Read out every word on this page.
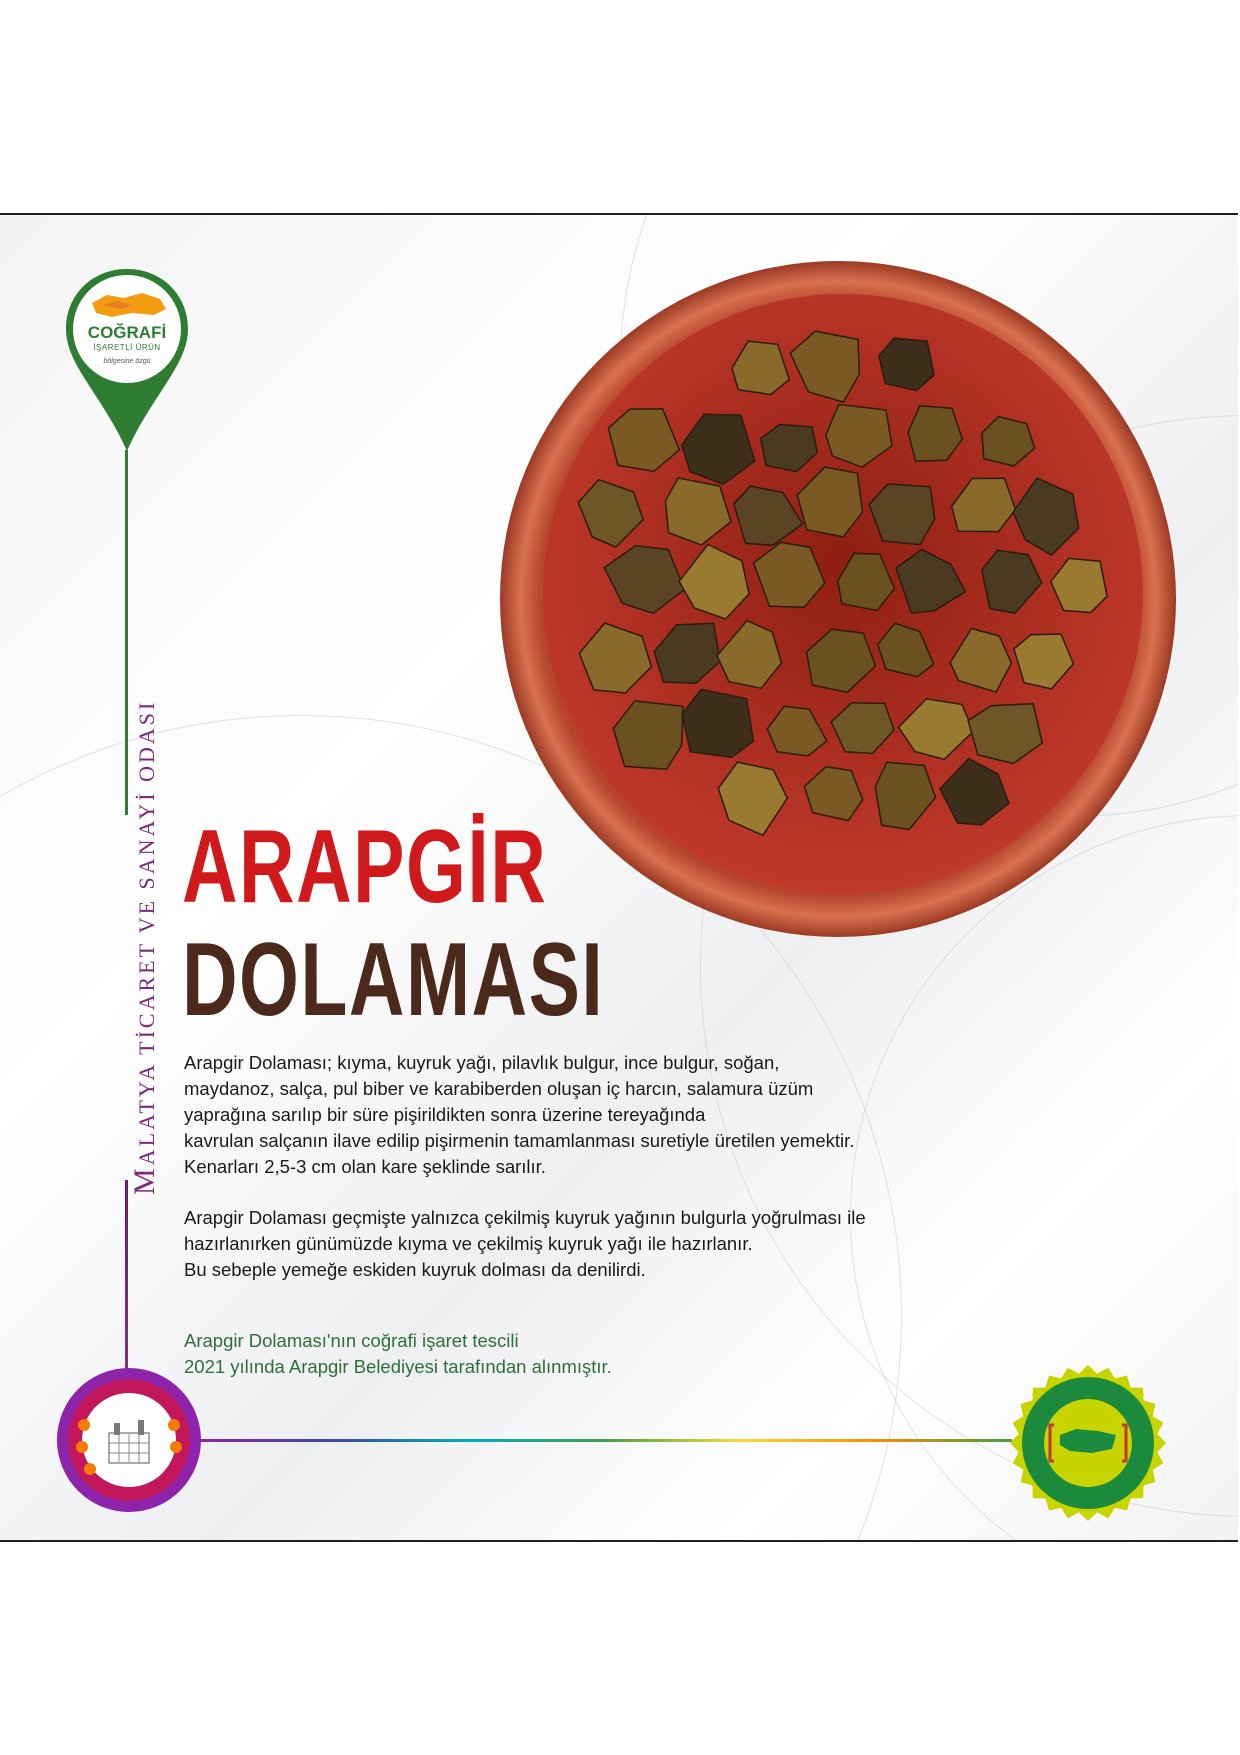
COĞRAFİ
İŞARETLİ ÜRÜN
bölgesine özgü
MALATYA TİCARET VE SANAYİ ODASI ARAPGİR
DOLAMASI
Arapgir Dolaması; kıyma, kuyruk yağı, pilavlık bulgur, ince bulgur, soğan,
maydanoz, salça, pul biber ve karabiberden oluşan iç harcın, salamura üzüm
yaprağına sarılıp bir süre pişirildikten sonra üzerine tereyağında
kavrulan salçanın ilave edilip pişirmenin tamamlanması suretiyle üretilen yemektir.
Kenarları 2,5-3 cm olan kare şeklinde sarılır.
Arapgir Dolaması geçmişte yalnızca çekilmiş kuyruk yağının bulgurla yoğrulması ile
hazırlanırken günümüzde kıyma ve çekilmiş kuyruk yağı ile hazırlanır.
Bu sebeple yemeğe eskiden kuyruk dolması da denilirdi.
Arapgir Dolaması'nın coğrafi işaret tescili
2021 yılında Arapgir Belediyesi tarafından alınmıştır.
